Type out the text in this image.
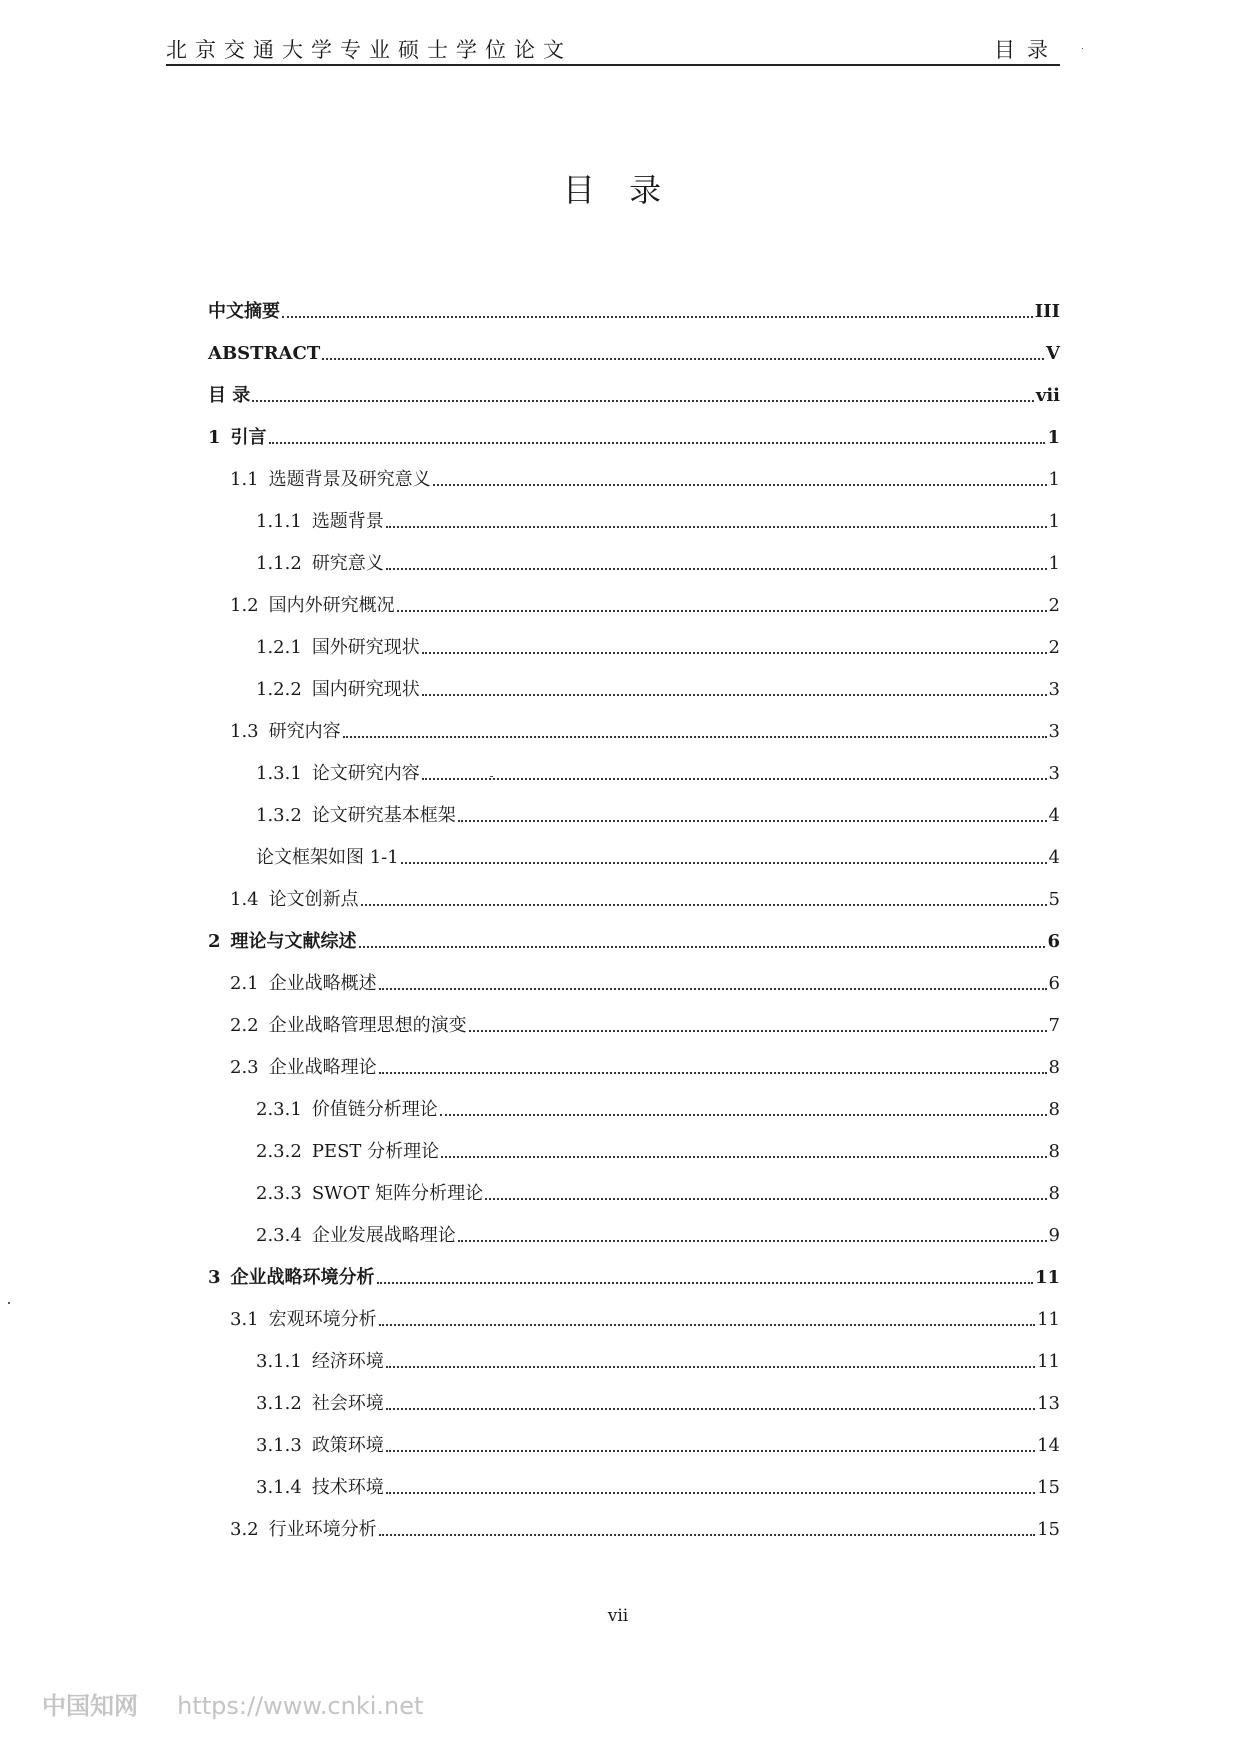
北京交通大学专业硕士学位论文	目录
目 录
中文摘要	III
ABSTRACT	V
目 录	vii
1 引言	1
1.1 选题背景及研究意义	1
1.1.1 选题背景	1
1.1.2 研究意义	1
1.2 国内外研究概况	2
1.2.1 国外研究现状	2
1.2.2 国内研究现状	3
1.3 研究内容	3
1.3.1 论文研究内容	3
1.3.2 论文研究基本框架	4
论文框架如图 1-1	4
1.4 论文创新点	5
2 理论与文献综述	6
2.1 企业战略概述	6
2.2 企业战略管理思想的演变	7
2.3 企业战略理论	8
2.3.1 价值链分析理论	8
2.3.2 PEST 分析理论	8
2.3.3 SWOT 矩阵分析理论	8
2.3.4 企业发展战略理论	9
3 企业战略环境分析	11
3.1 宏观环境分析	11
3.1.1 经济环境	11
3.1.2 社会环境	13
3.1.3 政策环境	14
3.1.4 技术环境	15
3.2 行业环境分析	15
vii
中国知网 https://www.cnki.net
